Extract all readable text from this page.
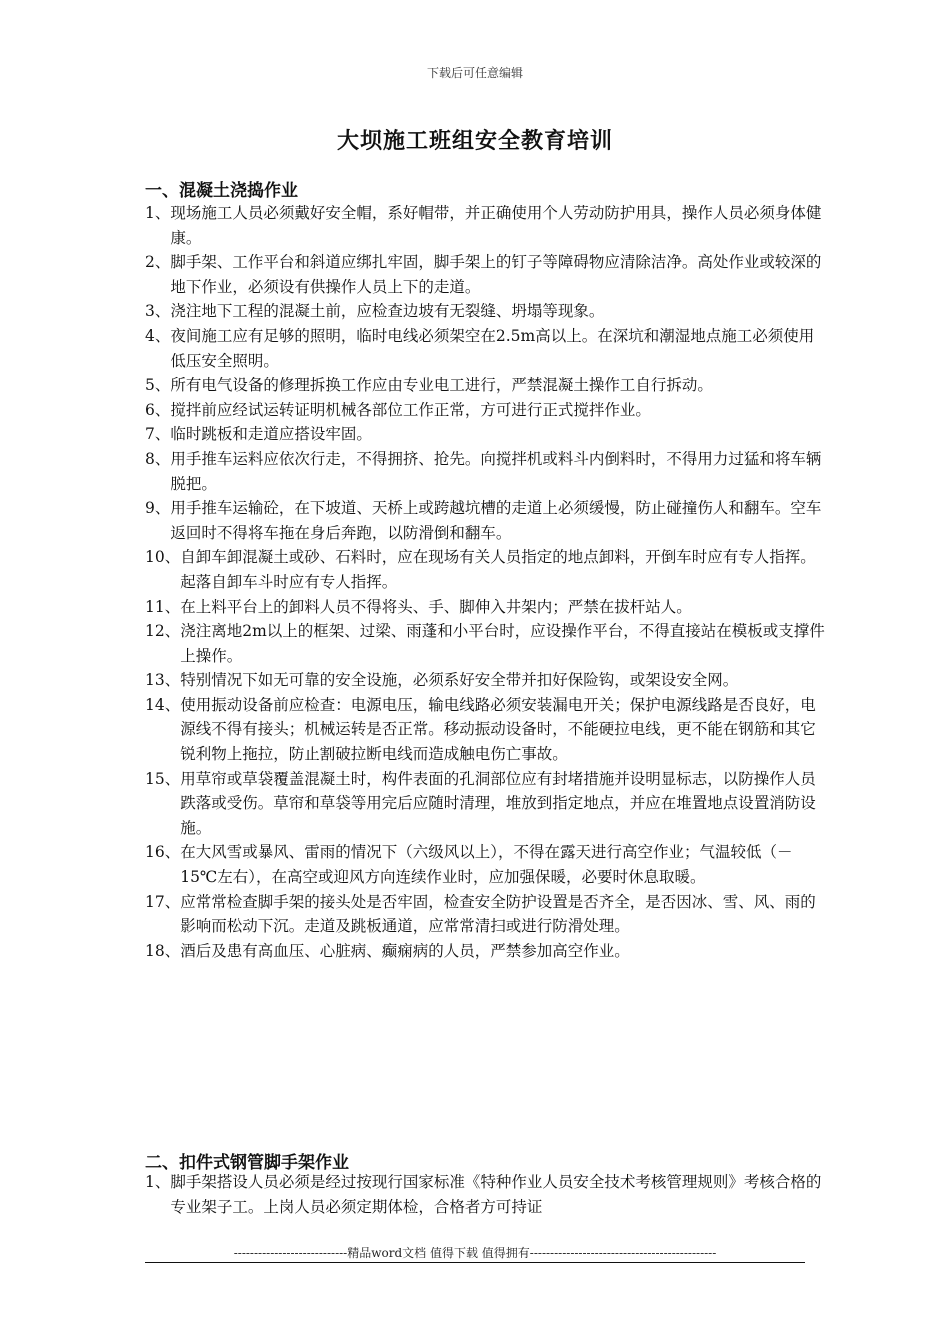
下载后可任意编辑
大坝施工班组安全教育培训
一、混凝土浇捣作业
1、 现场施工人员必须戴好安全帽，系好帽带，并正确使用个人劳动防护用具，操作人员必须身体健康。
2、 脚手架、工作平台和斜道应绑扎牢固，脚手架上的钉子等障碍物应清除洁净。高处作业或较深的地下作业，必须设有供操作人员上下的走道。
3、 浇注地下工程的混凝土前，应检查边坡有无裂缝、坍塌等现象。
4、 夜间施工应有足够的照明，临时电线必须架空在2.5m高以上。在深坑和潮湿地点施工必须使用低压安全照明。
5、 所有电气设备的修理拆换工作应由专业电工进行，严禁混凝土操作工自行拆动。
6、 搅拌前应经试运转证明机械各部位工作正常，方可进行正式搅拌作业。
7、 临时跳板和走道应搭设牢固。
8、 用手推车运料应依次行走，不得拥挤、抢先。向搅拌机或料斗内倒料时，不得用力过猛和将车辆脱把。
9、 用手推车运输砼，在下坡道、天桥上或跨越坑槽的走道上必须缓慢，防止碰撞伤人和翻车。空车返回时不得将车拖在身后奔跑，以防滑倒和翻车。
10、 自卸车卸混凝土或砂、石料时，应在现场有关人员指定的地点卸料，开倒车时应有专人指挥。起落自卸车斗时应有专人指挥。
11、 在上料平台上的卸料人员不得将头、手、脚伸入井架内；严禁在拔杆站人。
12、 浇注离地2m以上的框架、过梁、雨蓬和小平台时，应设操作平台，不得直接站在模板或支撑件上操作。
13、 特别情况下如无可靠的安全设施，必须系好安全带并扣好保险钩，或架设安全网。
14、 使用振动设备前应检查：电源电压，输电线路必须安装漏电开关；保护电源线路是否良好，电源线不得有接头；机械运转是否正常。移动振动设备时，不能硬拉电线，更不能在钢筋和其它锐利物上拖拉，防止割破拉断电线而造成触电伤亡事故。
15、 用草帘或草袋覆盖混凝土时，构件表面的孔洞部位应有封堵措施并设明显标志，以防操作人员跌落或受伤。草帘和草袋等用完后应随时清理，堆放到指定地点，并应在堆置地点设置消防设施。
16、 在大风雪或暴风、雷雨的情况下（六级风以上），不得在露天进行高空作业；气温较低（－15℃左右），在高空或迎风方向连续作业时，应加强保暖，必要时休息取暖。
17、 应常常检查脚手架的接头处是否牢固，检查安全防护设置是否齐全，是否因冰、雪、风、雨的影响而松动下沉。走道及跳板通道，应常常清扫或进行防滑处理。
18、 酒后及患有高血压、心脏病、癫痫病的人员，严禁参加高空作业。
二、扣件式钢管脚手架作业
1、 脚手架搭设人员必须是经过按现行国家标准《特种作业人员安全技术考核管理规则》考核合格的专业架子工。上岗人员必须定期体检，合格者方可持证
----------------------------精品word文档 值得下载 值得拥有----------------------------------------------
